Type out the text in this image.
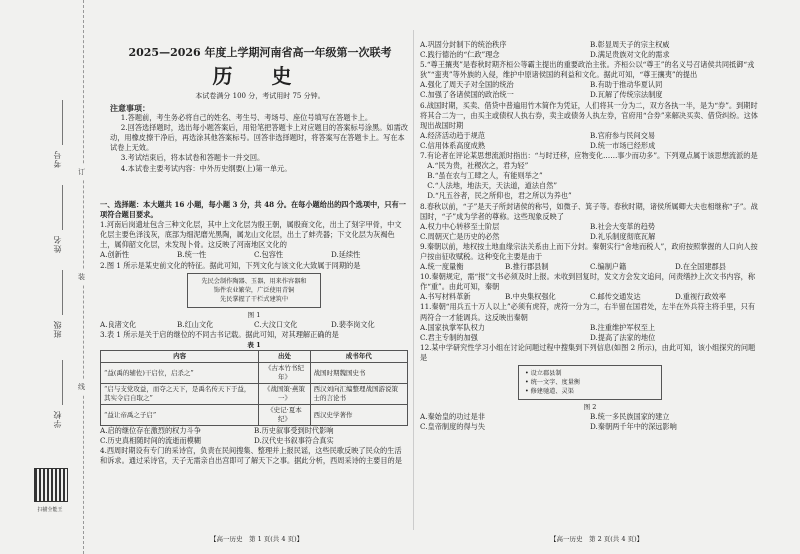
考号
姓名
班级
学校
订
装
线
扫描全能王
2025—2026 年度上学期河南省高一年级第一次联考
历 史
本试卷满分 100 分，考试用时 75 分钟。

注意事项：

1.答题前，考生务必将自己的姓名、考生号、考场号、座位号填写在答题卡上。

2.回答选择题时，选出每小题答案后，用铅笔把答题卡上对应题目的答案标号涂黑。如需改动，用橡皮擦干净后，再选涂其他答案标号。回答非选择题时，将答案写在答题卡上。写在本试卷上无效。

3.考试结束后，将本试卷和答题卡一并交回。

4.本试卷主要考试内容：中外历史纲要(上)第一单元。

一、选择题：本大题共 16 小题，每小题 3 分，共 48 分。在每小题给出的四个选项中，只有一项符合题目要求。

1.河南后岗遗址包含三种文化层，其中上文化层为殷王朝，属殷商文化，出土了刻字甲骨，中文化层主要色泽浅灰，底部为细泥磨光黑陶，属龙山文化层，出土了蚌壳器；下文化层为灰褐色土，属仰韶文化层，未发现卜骨。这反映了河南地区文化的

A.创新性	B.统一性	C.包容性	D.延续性

2.图 1 所示是某史前文化的特征。据此可知，下列文化与该文化大致属于同期的是

先民会制作陶器、玉器，用来作容器和
饰件农业繁荣，广泛使用青铜
先民掌握了干栏式建筑中
图 1
A.良渚文化	B.红山文化	C.大汶口文化	D.裴李岗文化

3.表 1 所示是关于启的继位的不同古书记载。据此可知，对其理解正确的是

表 1
内容	出处	成书年代
“益(禹的辅佐)干启位，启杀之”	《古本竹书纪年》	战国时期魏国史书
“启与支党攻益，而夺之天下，是禹名传天下于益，其实令启自取之”	《战国策·燕策一》	西汉刘向汇编整理战国游说策士的言论书
“益让帝禹之子启”	《史记·夏本纪》	西汉史学著作
A.启的继位存在激烈的权力斗争	B.历史叙事受到时代影响
C.历史真相随时间的流逝而模糊	D.汉代史书叙事符合真实

4.西周时期设有专门的采诗官，负责在民间搜集、整理并上报民谣，这些民歌反映了民众的生活和诉求。通过采诗官，天子无需亲自出宫即可了解天下之事。据此分析，西周采诗的主要目的是

【高一历史　第 1 页(共 4 页)】
A.巩固分封制下的统治秩序	B.彰显周天子的宗主权威
C.践行德治的“仁政”理念	D.满足贵族对文化的需求

5.“尊王攘夷”是春秋时期齐桓公等霸主提出的重要政治主张。齐桓公以“尊王”的名义号召诸侯共同抵御“戎狄”“蛮夷”等外族的入侵，维护中原诸侯国的利益和文化。据此可知，“尊王攘夷”的提出

A.强化了周天子对全国的统治	B.有助于推动华夏认同
C.加强了各诸侯国的政治统一	D.瓦解了传统宗法制度

6.战国时期，买卖、借贷中普遍用竹木简作为凭证，人们将其一分为二，双方各执一半，是为“券”。到期时将其合二为一，由买主或债权人执右券，卖主或债务人执左券，官府用“合券”来解决买卖、借贷纠纷。这体现出战国时期

A.经济活动趋于规范	B.官府参与民间交易
C.信用体系高度成熟	D.统一市场已经形成

7.有论者在评论某思想流派时指出：“与时迁移，应物变化……事少而功多”。下列观点属于该思想流派的是

A.“民为贵，社稷次之，君为轻”

B.“虽在农与工肆之人，有能则举之”

C.“人法地，地法天，天法道，道法自然”

D.“凡五谷者，民之所仰也，君之所以为养也”

8.春秋以前，“子”是天子所封诸侯的称号，如微子、箕子等。春秋时期，诸侯所属卿大夫也相继称“子”。战国时，“子”成为学者的尊称。这些现象反映了

A.权力中心转移至士阶层	B.社会大变革的趋势
C.周朝灭亡是历史的必然	D.礼乐制度彻底瓦解

9.秦朝以前，地权按土地血缘宗法关系由上而下分封。秦朝实行“舍地而税人”，政府按照掌握的人口向人按户按亩征收赋税。这种变化主要是由于

A.统一度量衡	B.推行郡县制	C.编制户籍	D.在全国建郡县

10.秦朝规定，需“报”文书必须及时上报。未收到回复时，发文方会发文追问，问责缮抄上次文书内容，称作“重”。由此可知，秦朝

A.书写材料革新	B.中央集权强化	C.邮传交通发达	D.重视行政效率

11.秦朝“用兵五十万人以上”必须有虎符，虎符一分为二，右半留在国君处，左半在外兵符主将手里，只有两符合一才能调兵。这反映出秦朝

A.国家执掌军队权力	B.注重维护军权至上
C.君主专制的加强	D.提高了法家的地位

12.某中学研究性学习小组在讨论问题过程中搜集到下列信息(如图 2 所示)，由此可知，该小组探究的问题是

• 设立郡县制
• 统一文字、度量衡
• 修建驰道、灵渠
图 2
A.秦始皇的功过是非	B.统一多民族国家的建立
C.皇帝制度的得与失	D.秦朝两千年中的深远影响
【高一历史　第 2 页(共 4 页)】
